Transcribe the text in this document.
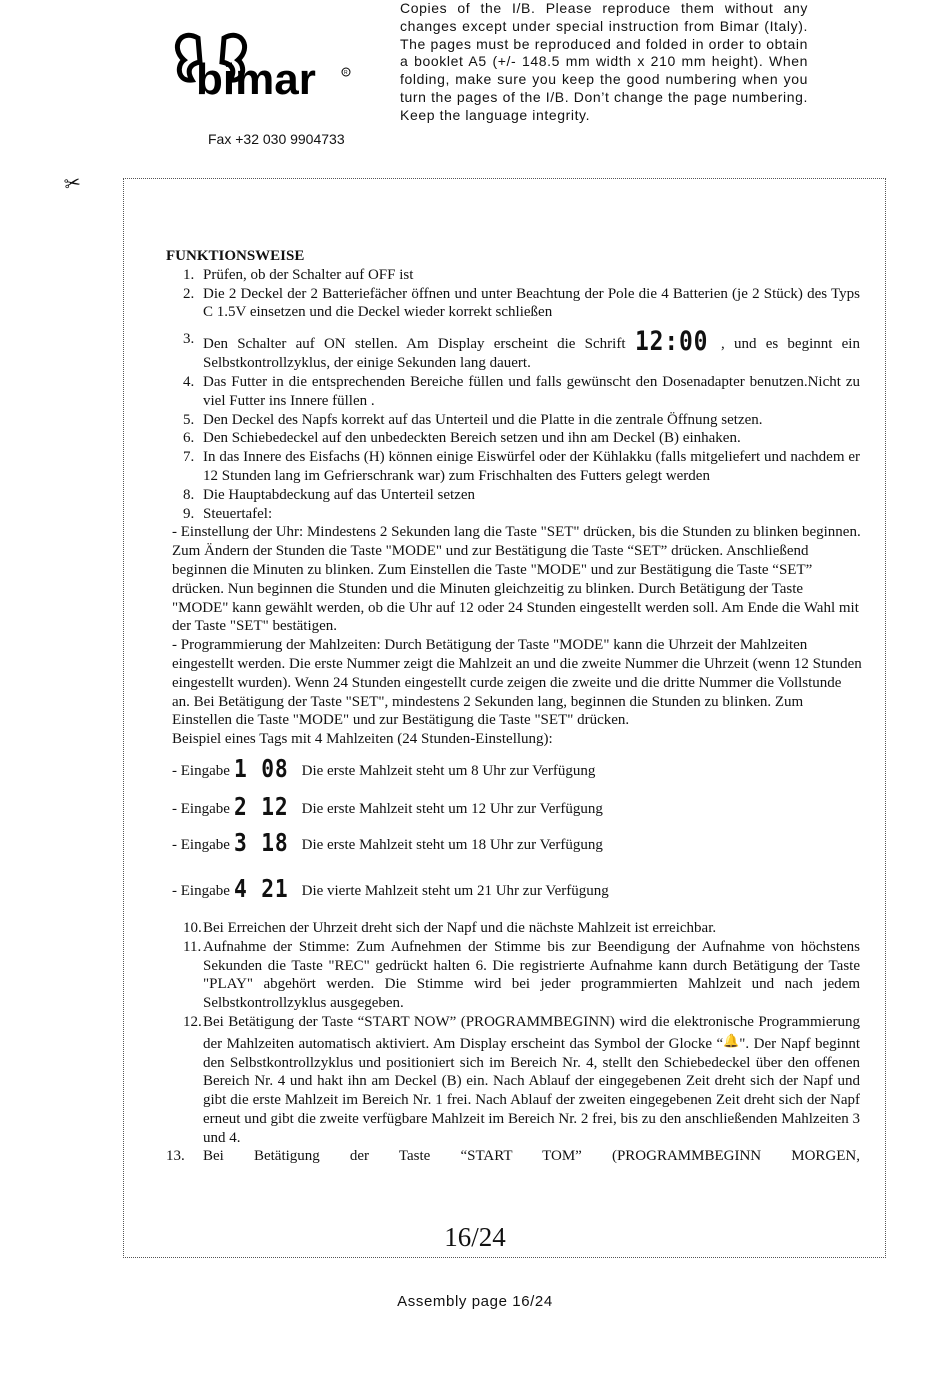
bimar	R
Fax +32 030 9904733
Copies of the I/B. Please reproduce them without any changes except under special instruction from Bimar (Italy). The pages must be reproduced and folded in order to obtain a booklet A5 (+/- 148.5 mm width x 210 mm height). When folding, make sure you keep the good numbering when you turn the pages of the I/B. Don’t change the page numbering. Keep the language integrity.
✂
FUNKTIONSWEISE
1. Prüfen, ob der Schalter auf OFF ist
2. Die 2 Deckel der 2 Batteriefächer öffnen und unter Beachtung der Pole die 4 Batterien (je 2 Stück) des Typs C 1.5V einsetzen und die Deckel wieder korrekt schließen
3. Den Schalter auf ON stellen. Am Display erscheint die Schrift 12:00 , und es beginnt ein Selbstkontrollzyklus, der einige Sekunden lang dauert.
4. Das Futter in die entsprechenden Bereiche füllen und falls gewünscht den Dosenadapter benutzen.Nicht zu viel Futter ins Innere füllen .
5. Den Deckel des Napfs korrekt auf das Unterteil und die Platte in die zentrale Öffnung setzen.
6. Den Schiebedeckel auf den unbedeckten Bereich setzen und ihn am Deckel (B) einhaken.
7. In das Innere des Eisfachs (H) können einige Eiswürfel oder der Kühlakku (falls mitgeliefert und nachdem er 12 Stunden lang im Gefrierschrank war) zum Frischhalten des Futters gelegt werden
8. Die Hauptabdeckung auf das Unterteil setzen
9. Steuertafel:
- Einstellung der Uhr: Mindestens 2 Sekunden lang die Taste "SET" drücken, bis die Stunden zu blinken beginnen. Zum Ändern der Stunden die Taste "MODE" und zur Bestätigung die Taste “SET” drücken. Anschließend beginnen die Minuten zu blinken. Zum Einstellen die Taste "MODE" und zur Bestätigung die Taste “SET” drücken. Nun beginnen die Stunden und die Minuten gleichzeitig zu blinken. Durch Betätigung der Taste "MODE" kann gewählt werden, ob die Uhr auf 12 oder 24 Stunden eingestellt werden soll. Am Ende die Wahl mit der Taste "SET" bestätigen.
- Programmierung der Mahlzeiten: Durch Betätigung der Taste "MODE" kann die Uhrzeit der Mahlzeiten eingestellt werden. Die erste Nummer zeigt die Mahlzeit an und die zweite Nummer die Uhrzeit (wenn 12 Stunden eingestellt wurden). Wenn 24 Stunden eingestellt curde zeigen die zweite und die dritte Nummer die Vollstunde an. Bei Betätigung der Taste "SET", mindestens 2 Sekunden lang, beginnen die Stunden zu blinken. Zum Einstellen die Taste "MODE" und zur Bestätigung die Taste "SET" drücken.
Beispiel eines Tags mit 4 Mahlzeiten (24 Stunden-Einstellung):

- Eingabe 1 08 Die erste Mahlzeit steht um 8 Uhr zur Verfügung

- Eingabe 2 12 Die erste Mahlzeit steht um 12 Uhr zur Verfügung

- Eingabe 3 18 Die erste Mahlzeit steht um 18 Uhr zur Verfügung

- Eingabe 4 21 Die vierte Mahlzeit steht um 21 Uhr zur Verfügung

10. Bei Erreichen der Uhrzeit dreht sich der Napf und die nächste Mahlzeit ist erreichbar.
11. Aufnahme der Stimme: Zum Aufnehmen der Stimme bis zur Beendigung der Aufnahme von höchstens Sekunden die Taste "REC" gedrückt halten 6. Die registrierte Aufnahme kann durch Betätigung der Taste "PLAY" abgehört werden. Die Stimme wird bei jeder programmierten Mahlzeit und nach jedem Selbstkontrollzyklus ausgegeben.
12. Bei Betätigung der Taste “START NOW” (PROGRAMMBEGINN) wird die elektronische Programmierung der Mahlzeiten automatisch aktiviert. Am Display erscheint das Symbol der Glocke “🔔". Der Napf beginnt den Selbstkontrollzyklus und positioniert sich im Bereich Nr. 4, stellt den Schiebedeckel über den offenen Bereich Nr. 4 und hakt ihn am Deckel (B) ein. Nach Ablauf der eingegebenen Zeit dreht sich der Napf und gibt die erste Mahlzeit im Bereich Nr. 1 frei. Nach Ablauf der zweiten eingegebenen Zeit dreht sich der Napf erneut und gibt die zweite verfügbare Mahlzeit im Bereich Nr. 2 frei, bis zu den anschließenden Mahlzeiten 3 und 4.
13.	Bei Betätigung der Taste “START TOM” (PROGRAMMBEGINN MORGEN,
16/24
Assembly page 16/24
